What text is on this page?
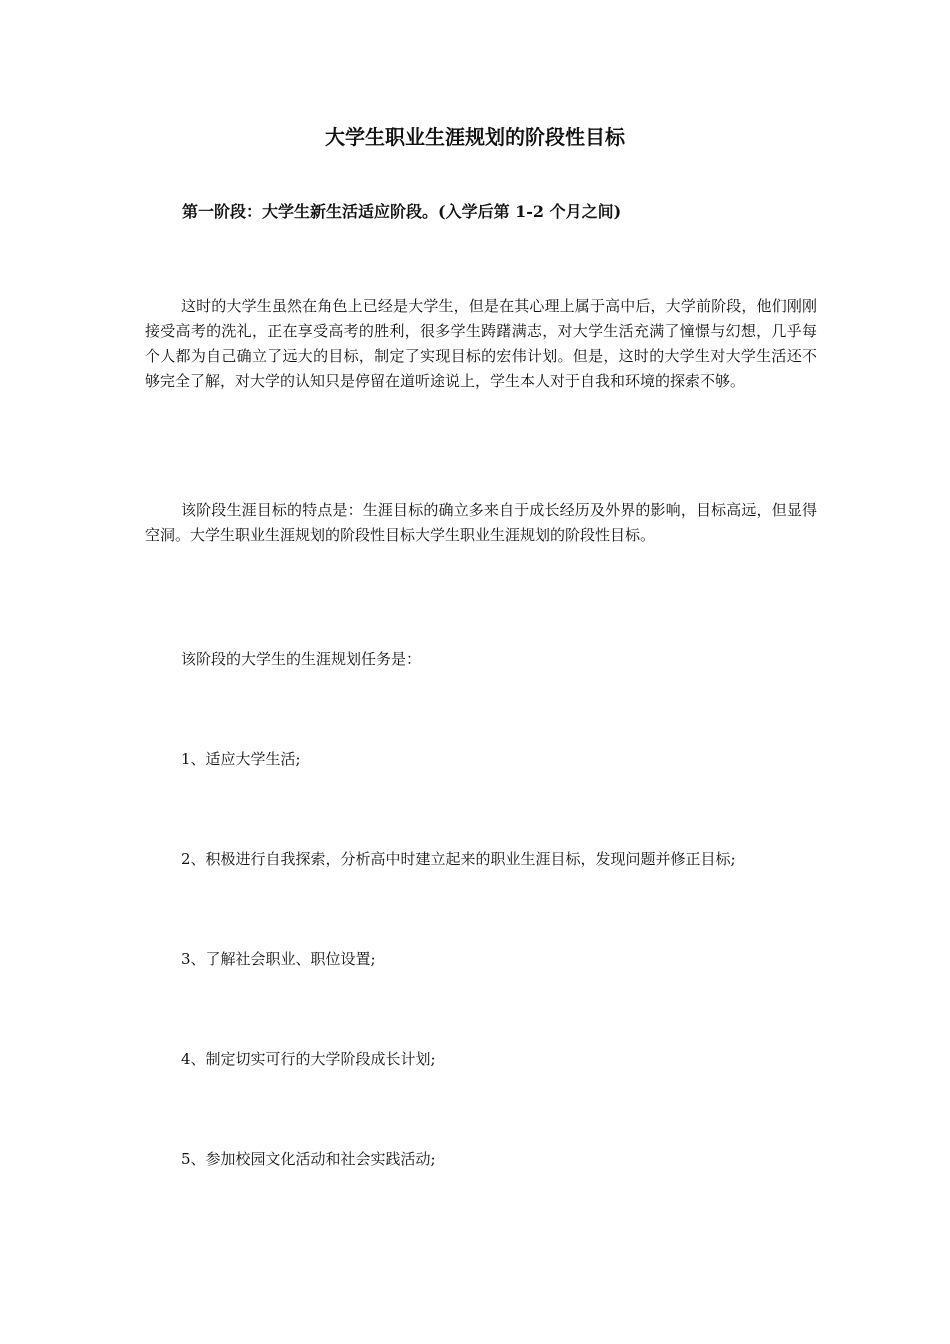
大学生职业生涯规划的阶段性目标
第一阶段：大学生新生活适应阶段。(入学后第 1-2 个月之间)

这时的大学生虽然在角色上已经是大学生，但是在其心理上属于高中后，大学前阶段，他们刚刚接受高考的洗礼，正在享受高考的胜利，很多学生踌躇满志，对大学生活充满了憧憬与幻想，几乎每个人都为自己确立了远大的目标，制定了实现目标的宏伟计划。但是，这时的大学生对大学生活还不够完全了解，对大学的认知只是停留在道听途说上，学生本人对于自我和环境的探索不够。

该阶段生涯目标的特点是：生涯目标的确立多来自于成长经历及外界的影响，目标高远，但显得空洞。大学生职业生涯规划的阶段性目标大学生职业生涯规划的阶段性目标。

该阶段的大学生的生涯规划任务是：

1、适应大学生活;

2、积极进行自我探索，分析高中时建立起来的职业生涯目标，发现问题并修正目标;

3、了解社会职业、职位设置;

4、制定切实可行的大学阶段成长计划;

5、参加校园文化活动和社会实践活动;
